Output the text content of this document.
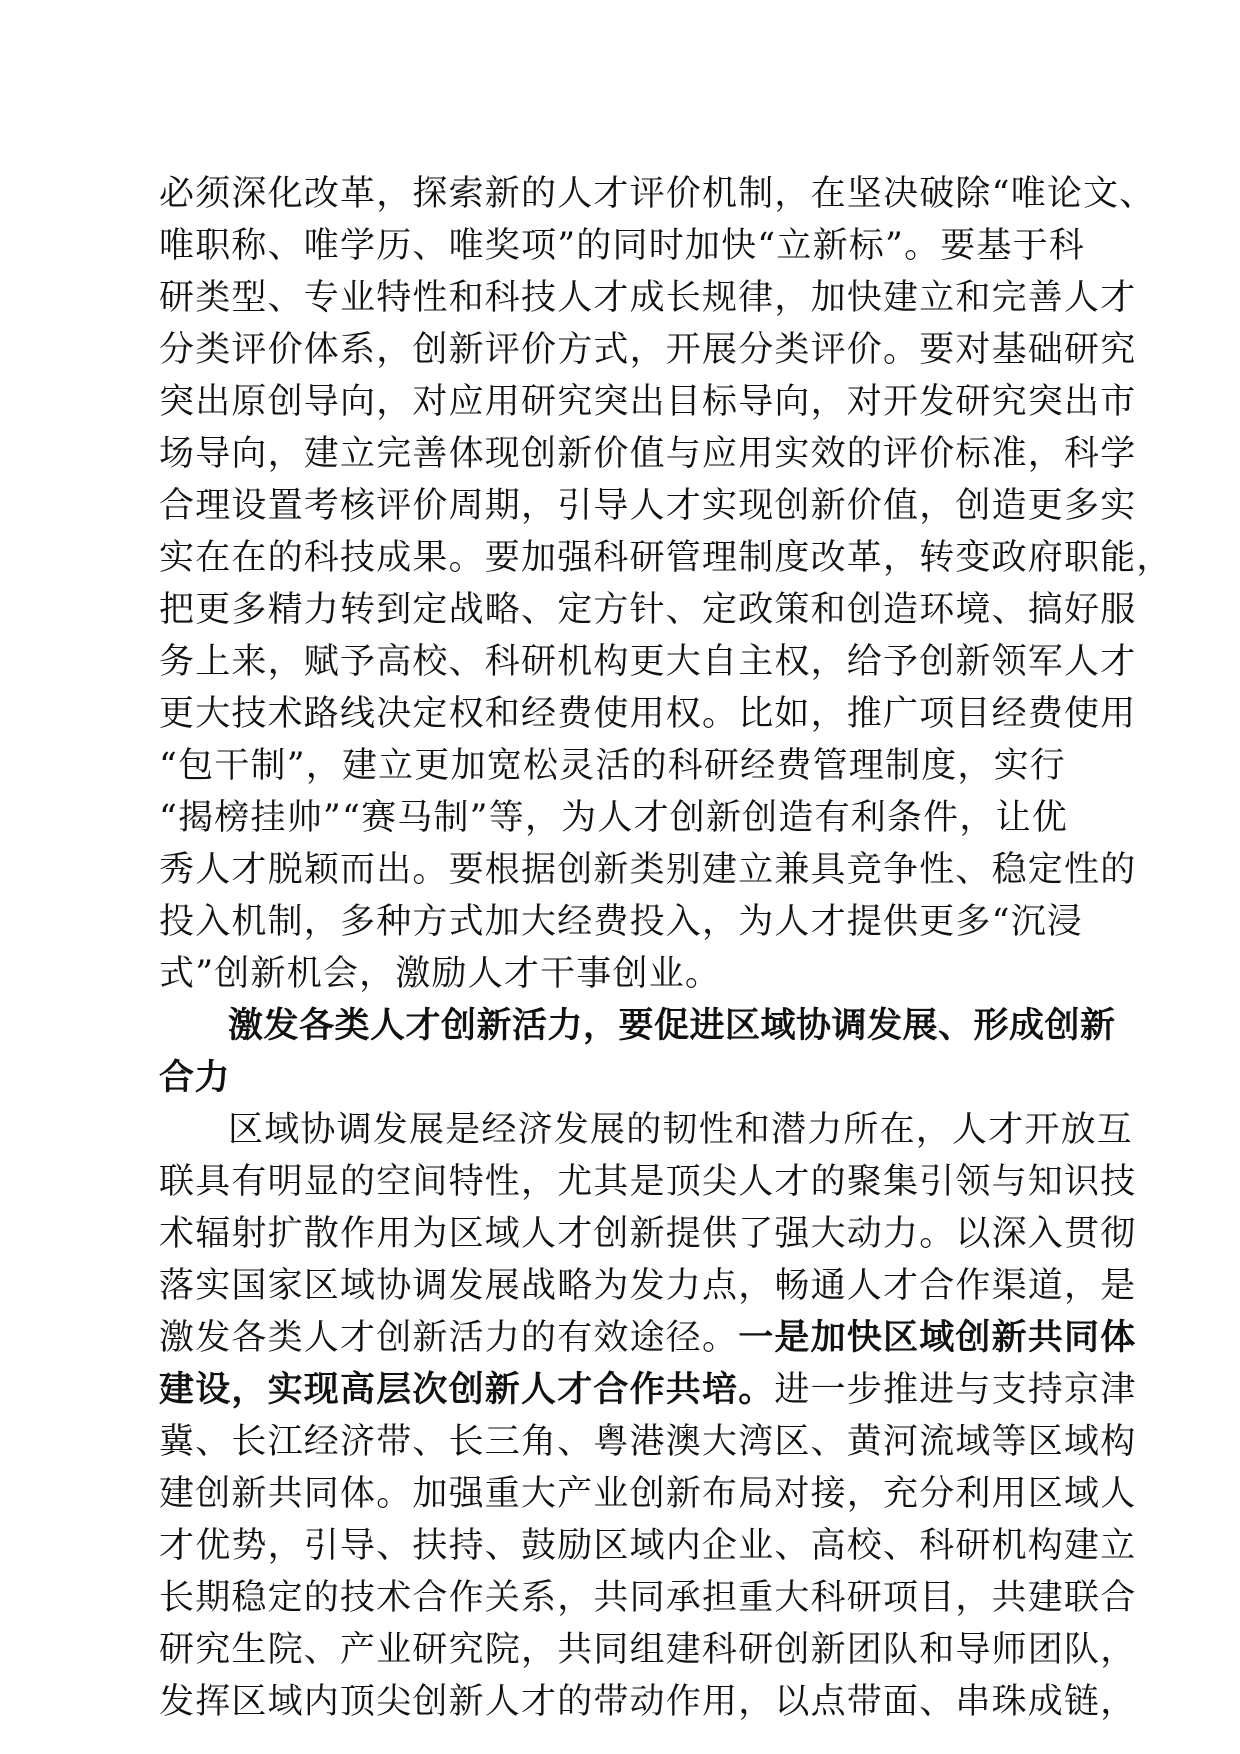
必须深化改革，探索新的人才评价机制，在坚决破除“唯论文、
唯职称、唯学历、唯奖项”的同时加快“立新标”。要基于科
研类型、专业特性和科技人才成长规律，加快建立和完善人才
分类评价体系，创新评价方式，开展分类评价。要对基础研究
突出原创导向，对应用研究突出目标导向，对开发研究突出市
场导向，建立完善体现创新价值与应用实效的评价标准，科学
合理设置考核评价周期，引导人才实现创新价值，创造更多实
实在在的科技成果。要加强科研管理制度改革，转变政府职能，
把更多精力转到定战略、定方针、定政策和创造环境、搞好服
务上来，赋予高校、科研机构更大自主权，给予创新领军人才
更大技术路线决定权和经费使用权。比如，推广项目经费使用
“包干制”，建立更加宽松灵活的科研经费管理制度，实行
“揭榜挂帅”“赛马制”等，为人才创新创造有利条件，让优
秀人才脱颖而出。要根据创新类别建立兼具竞争性、稳定性的
投入机制，多种方式加大经费投入，为人才提供更多“沉浸
式”创新机会，激励人才干事创业。
激发各类人才创新活力，要促进区域协调发展、形成创新
合力
区域协调发展是经济发展的韧性和潜力所在，人才开放互
联具有明显的空间特性，尤其是顶尖人才的聚集引领与知识技
术辐射扩散作用为区域人才创新提供了强大动力。以深入贯彻
落实国家区域协调发展战略为发力点，畅通人才合作渠道，是
激发各类人才创新活力的有效途径。一是加快区域创新共同体
建设，实现高层次创新人才合作共培。进一步推进与支持京津
冀、长江经济带、长三角、粤港澳大湾区、黄河流域等区域构
建创新共同体。加强重大产业创新布局对接，充分利用区域人
才优势，引导、扶持、鼓励区域内企业、高校、科研机构建立
长期稳定的技术合作关系，共同承担重大科研项目，共建联合
研究生院、产业研究院，共同组建科研创新团队和导师团队，
发挥区域内顶尖创新人才的带动作用，以点带面、串珠成链，
